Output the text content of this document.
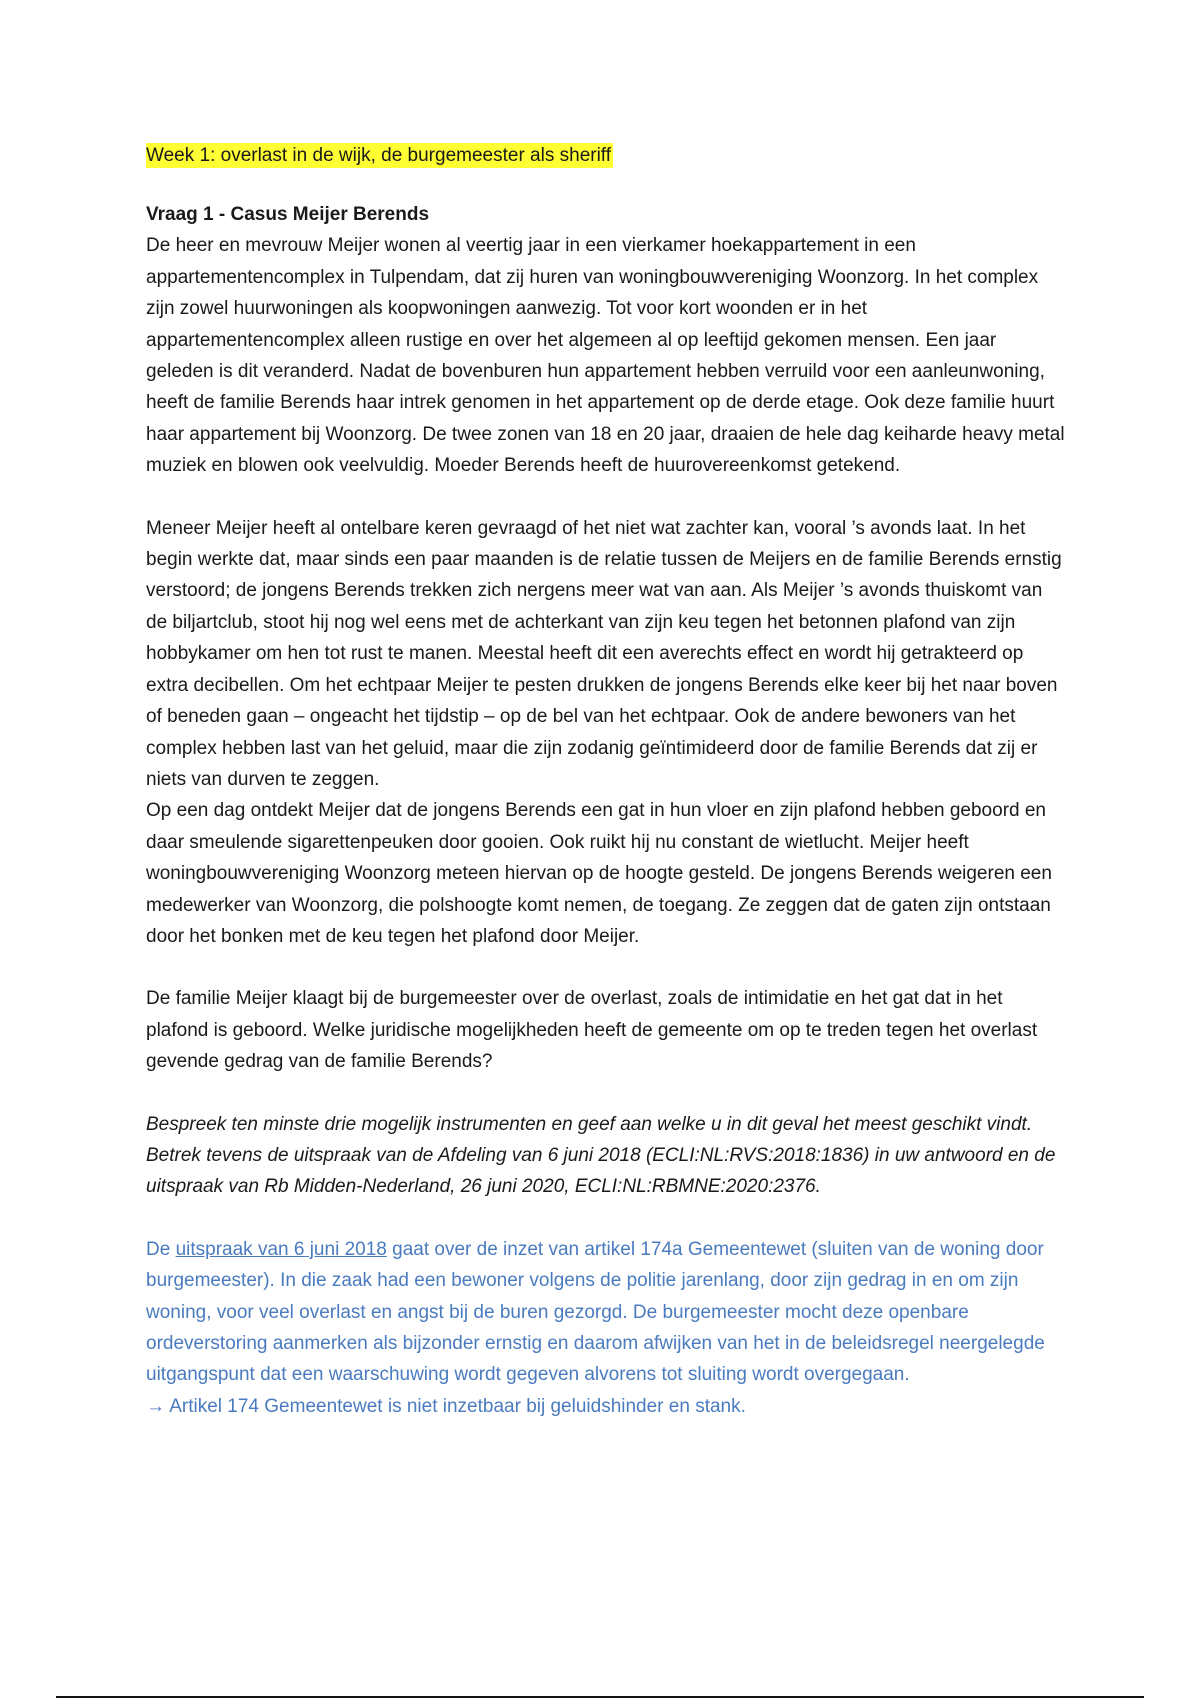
Week 1: overlast in de wijk, de burgemeester als sheriff

Vraag 1 - Casus Meijer Berends

De heer en mevrouw Meijer wonen al veertig jaar in een vierkamer hoekappartement in een appartementencomplex in Tulpendam, dat zij huren van woningbouwvereniging Woonzorg. In het complex zijn zowel huurwoningen als koopwoningen aanwezig. Tot voor kort woonden er in het appartementencomplex alleen rustige en over het algemeen al op leeftijd gekomen mensen. Een jaar geleden is dit veranderd. Nadat de bovenburen hun appartement hebben verruild voor een aanleunwoning, heeft de familie Berends haar intrek genomen in het appartement op de derde etage. Ook deze familie huurt haar appartement bij Woonzorg. De twee zonen van 18 en 20 jaar, draaien de hele dag keiharde heavy metal muziek en blowen ook veelvuldig. Moeder Berends heeft de huurovereenkomst getekend.

Meneer Meijer heeft al ontelbare keren gevraagd of het niet wat zachter kan, vooral ’s avonds laat. In het begin werkte dat, maar sinds een paar maanden is de relatie tussen de Meijers en de familie Berends ernstig verstoord; de jongens Berends trekken zich nergens meer wat van aan. Als Meijer ’s avonds thuiskomt van de biljartclub, stoot hij nog wel eens met de achterkant van zijn keu tegen het betonnen plafond van zijn hobbykamer om hen tot rust te manen. Meestal heeft dit een averechts effect en wordt hij getrakteerd op extra decibellen. Om het echtpaar Meijer te pesten drukken de jongens Berends elke keer bij het naar boven of beneden gaan – ongeacht het tijdstip – op de bel van het echtpaar. Ook de andere bewoners van het complex hebben last van het geluid, maar die zijn zodanig geïntimideerd door de familie Berends dat zij er niets van durven te zeggen.

Op een dag ontdekt Meijer dat de jongens Berends een gat in hun vloer en zijn plafond hebben geboord en daar smeulende sigarettenpeuken door gooien. Ook ruikt hij nu constant de wietlucht. Meijer heeft woningbouwvereniging Woonzorg meteen hiervan op de hoogte gesteld. De jongens Berends weigeren een medewerker van Woonzorg, die polshoogte komt nemen, de toegang. Ze zeggen dat de gaten zijn ontstaan door het bonken met de keu tegen het plafond door Meijer.

De familie Meijer klaagt bij de burgemeester over de overlast, zoals de intimidatie en het gat dat in het plafond is geboord. Welke juridische mogelijkheden heeft de gemeente om op te treden tegen het overlast gevende gedrag van de familie Berends?

Bespreek ten minste drie mogelijk instrumenten en geef aan welke u in dit geval het meest geschikt vindt. Betrek tevens de uitspraak van de Afdeling van 6 juni 2018 (ECLI:NL:RVS:2018:1836) in uw antwoord en de uitspraak van Rb Midden-Nederland, 26 juni 2020, ECLI:NL:RBMNE:2020:2376.

De uitspraak van 6 juni 2018 gaat over de inzet van artikel 174a Gemeentewet (sluiten van de woning door burgemeester). In die zaak had een bewoner volgens de politie jarenlang, door zijn gedrag in en om zijn woning, voor veel overlast en angst bij de buren gezorgd. De burgemeester mocht deze openbare ordeverstoring aanmerken als bijzonder ernstig en daarom afwijken van het in de beleidsregel neergelegde uitgangspunt dat een waarschuwing wordt gegeven alvorens tot sluiting wordt overgegaan.

→ Artikel 174 Gemeentewet is niet inzetbaar bij geluidshinder en stank.
